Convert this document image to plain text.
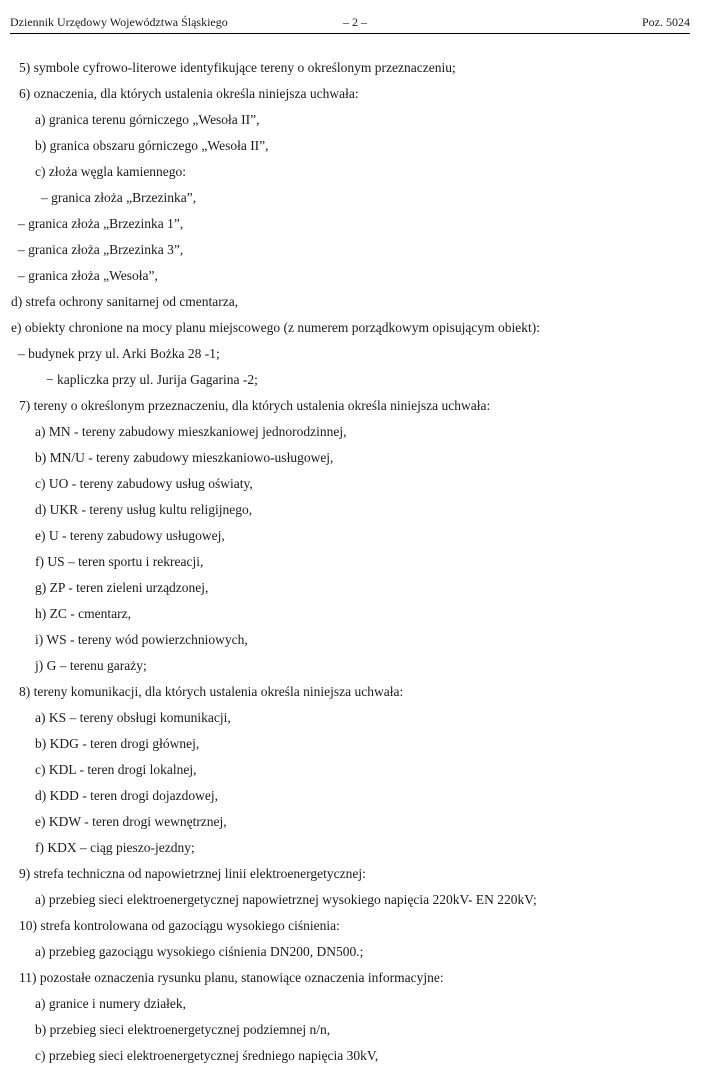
Dziennik Urzędowy Województwa Śląskiego	– 2 –	Poz. 5024
5) symbole cyfrowo-literowe identyfikujące tereny o określonym przeznaczeniu;
6) oznaczenia, dla których ustalenia określa niniejsza uchwała:
a) granica terenu górniczego „Wesoła II”,
b) granica obszaru górniczego „Wesoła II”,
c) złoża węgla kamiennego:
– granica złoża „Brzezinka”,
– granica złoża „Brzezinka 1”,
– granica złoża „Brzezinka 3”,
– granica złoża „Wesoła”,
d) strefa ochrony sanitarnej od cmentarza,
e) obiekty chronione na mocy planu miejscowego (z numerem porządkowym opisującym obiekt):
– budynek przy ul. Arki Bożka 28 -1;
− kapliczka przy ul. Jurija Gagarina -2;
7) tereny o określonym przeznaczeniu, dla których ustalenia określa niniejsza uchwała:
a) MN - tereny zabudowy mieszkaniowej jednorodzinnej,
b) MN/U - tereny zabudowy mieszkaniowo-usługowej,
c) UO - tereny zabudowy usług oświaty,
d) UKR - tereny usług kultu religijnego,
e) U - tereny zabudowy usługowej,
f) US – teren sportu i rekreacji,
g) ZP - teren zieleni urządzonej,
h) ZC - cmentarz,
i) WS - tereny wód powierzchniowych,
j) G – terenu garaży;
8) tereny komunikacji, dla których ustalenia określa niniejsza uchwała:
a) KS – tereny obsługi komunikacji,
b) KDG - teren drogi głównej,
c) KDL - teren drogi lokalnej,
d) KDD - teren drogi dojazdowej,
e) KDW - teren drogi wewnętrznej,
f) KDX – ciąg pieszo-jezdny;
9) strefa techniczna od napowietrznej linii elektroenergetycznej:
a) przebieg sieci elektroenergetycznej napowietrznej wysokiego napięcia 220kV- EN 220kV;
10) strefa kontrolowana od gazociągu wysokiego ciśnienia:
a) przebieg gazociągu wysokiego ciśnienia DN200, DN500.;
11) pozostałe oznaczenia rysunku planu, stanowiące oznaczenia informacyjne:
a) granice i numery działek,
b) przebieg sieci elektroenergetycznej podziemnej n/n,
c) przebieg sieci elektroenergetycznej średniego napięcia 30kV,
